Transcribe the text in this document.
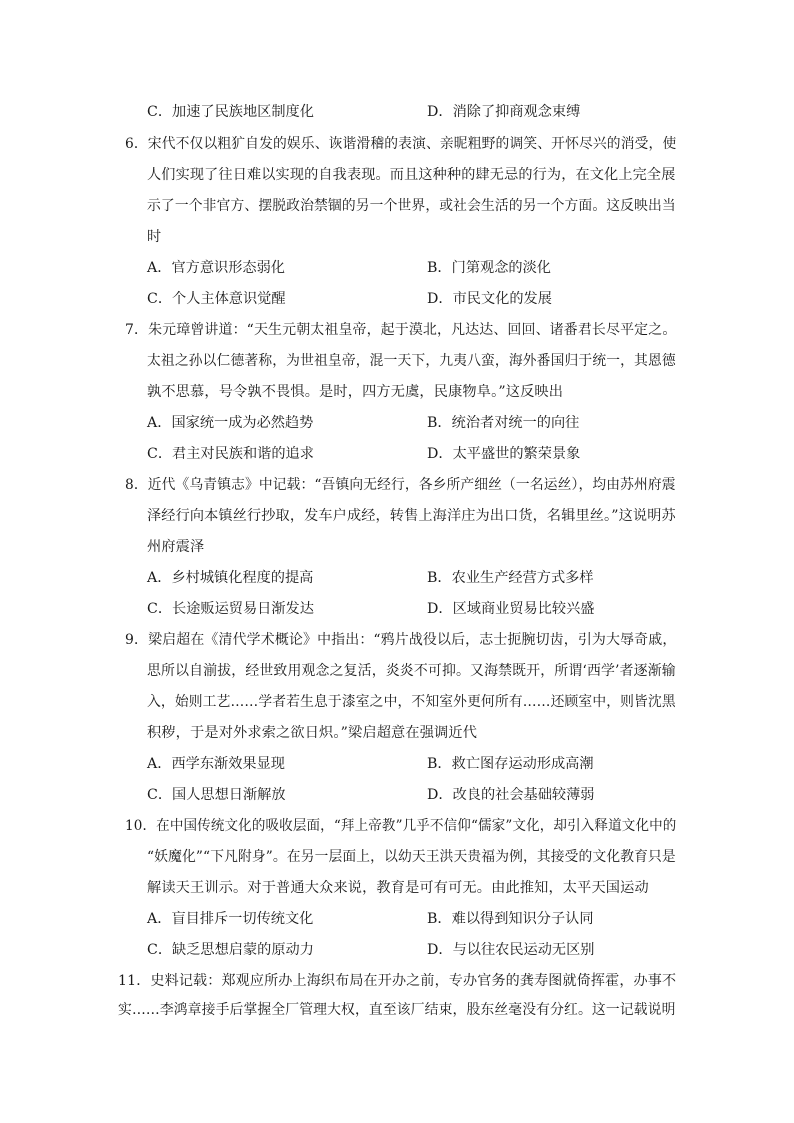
C．加速了民族地区制度化	D．消除了抑商观念束缚
6．宋代不仅以粗犷自发的娱乐、诙谐滑稽的表演、亲昵粗野的调笑、开怀尽兴的消受，使
人们实现了往日难以实现的自我表现。而且这种种的肆无忌的行为，在文化上完全展
示了一个非官方、摆脱政治禁锢的另一个世界，或社会生活的另一个方面。这反映出当
时
A．官方意识形态弱化	B．门第观念的淡化
C．个人主体意识觉醒	D．市民文化的发展
7．朱元璋曾讲道：“天生元朝太祖皇帝，起于漠北，凡达达、回回、诸番君长尽平定之。
太祖之孙以仁德著称，为世祖皇帝，混一天下，九夷八蛮，海外番国归于统一，其恩德
孰不思慕，号令孰不畏惧。是时，四方无虞，民康物阜。”这反映出
A．国家统一成为必然趋势	B．统治者对统一的向往
C．君主对民族和谐的追求	D．太平盛世的繁荣景象
8．近代《乌青镇志》中记载：“吾镇向无经行，各乡所产细丝（一名运丝），均由苏州府震
泽经行向本镇丝行抄取，发车户成经，转售上海洋庄为出口货，名辑里丝。”这说明苏
州府震泽
A．乡村城镇化程度的提高	B．农业生产经营方式多样
C．长途贩运贸易日渐发达	D．区域商业贸易比较兴盛
9．梁启超在《清代学术概论》中指出：“鸦片战役以后，志士扼腕切齿，引为大辱奇戚，
思所以自湔拔，经世致用观念之复活，炎炎不可抑。又海禁既开，所谓‘西学’者逐渐输
入，始则工艺……学者若生息于漆室之中，不知室外更何所有……还顾室中，则皆沈黑
积秽，于是对外求索之欲日炽。”梁启超意在强调近代
A．西学东渐效果显现	B．救亡图存运动形成高潮
C．国人思想日渐解放	D．改良的社会基础较薄弱
10．在中国传统文化的吸收层面，“拜上帝教”几乎不信仰“儒家”文化，却引入释道文化中的
“妖魔化”“下凡附身”。在另一层面上，以幼天王洪天贵福为例，其接受的文化教育只是
解读天王训示。对于普通大众来说，教育是可有可无。由此推知，太平天国运动
A．盲目排斥一切传统文化	B．难以得到知识分子认同
C．缺乏思想启蒙的原动力	D．与以往农民运动无区别
11．史料记载：郑观应所办上海织布局在开办之前，专办官务的龚寿图就倚挥霍，办事不
实……李鸿章接手后掌握全厂管理大权，直至该厂结束，股东丝毫没有分红。这一记载说明
